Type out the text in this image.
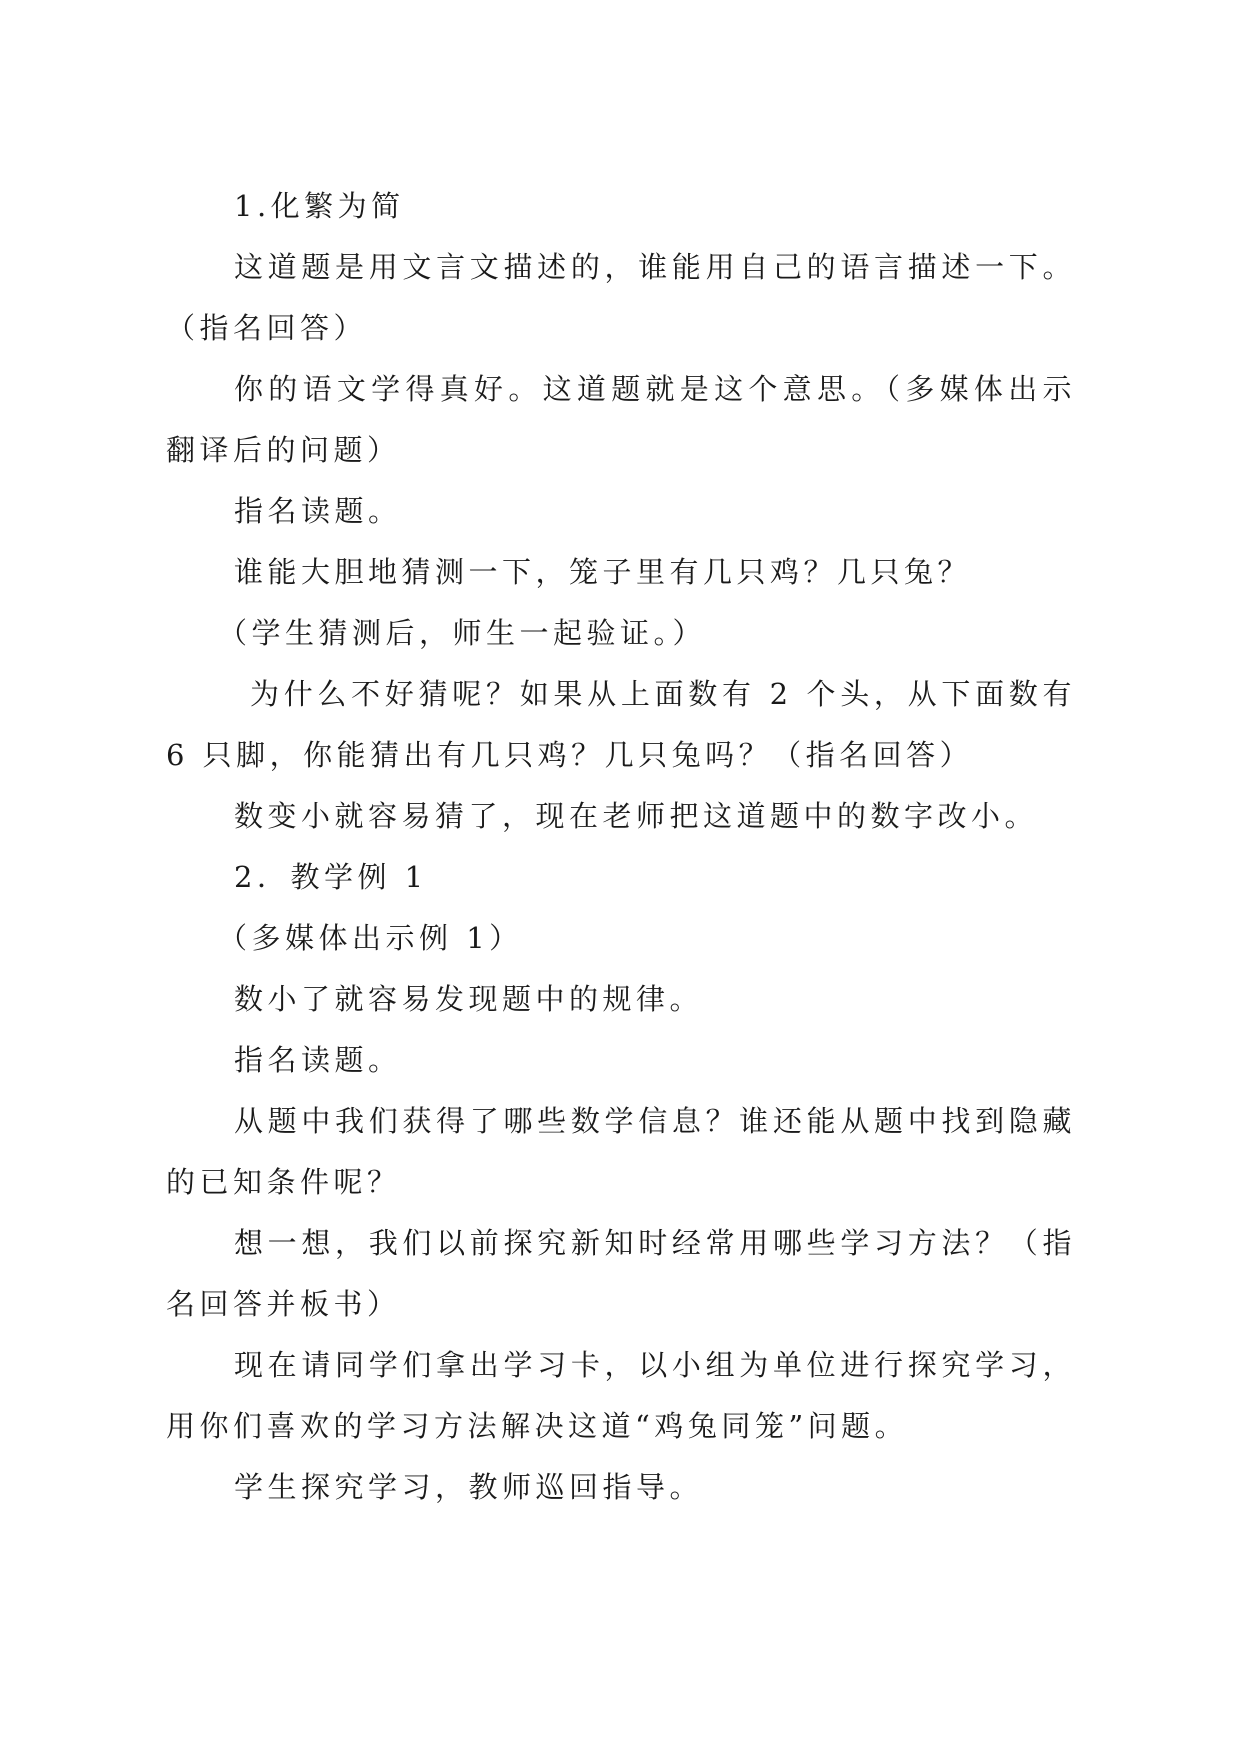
1.化繁为简

这道题是用文言文描述的，谁能用自己的语言描述一下。（指名回答）

你的语文学得真好。这道题就是这个意思。（多媒体出示翻译后的问题）

指名读题。

谁能大胆地猜测一下，笼子里有几只鸡？几只兔？

（学生猜测后，师生一起验证。）

为什么不好猜呢？如果从上面数有 2 个头，从下面数有 6 只脚，你能猜出有几只鸡？几只兔吗？（指名回答）

数变小就容易猜了，现在老师把这道题中的数字改小。

2．教学例 1

（多媒体出示例 1）

数小了就容易发现题中的规律。

指名读题。

从题中我们获得了哪些数学信息？谁还能从题中找到隐藏的已知条件呢？

想一想，我们以前探究新知时经常用哪些学习方法？（指名回答并板书）

现在请同学们拿出学习卡，以小组为单位进行探究学习，用你们喜欢的学习方法解决这道“鸡兔同笼”问题。

学生探究学习，教师巡回指导。
